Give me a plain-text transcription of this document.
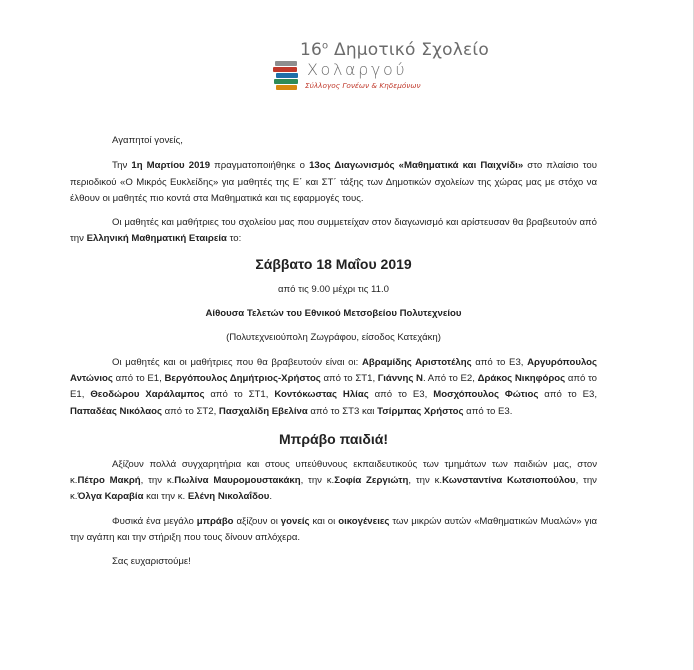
$16^o$ Δημοτικό Σχολείο
Χολαργού
Σύλλογος Γονέων & Κηδεμόνων

Αγαπητοί γονείς,

Την 1η Μαρτίου 2019 πραγματοποιήθηκε ο 13ος Διαγωνισμός «Μαθηματικά και Παιχνίδι» στο πλαίσιο του περιοδικού «Ο Μικρός Ευκλείδης» για μαθητές της Ε΄ και ΣΤ΄ τάξης των Δημοτικών σχολείων της χώρας μας με στόχο να έλθουν οι μαθητές πιο κοντά στα Μαθηματικά και τις εφαρμογές τους.

Οι μαθητές και μαθήτριες του σχολείου μας που συμμετείχαν στον διαγωνισμό και αρίστευσαν θα βραβευτούν από την Ελληνική Μαθηματική Εταιρεία το:

Σάββατο 18 Μαΐου 2019

από τις 9.00 μέχρι τις 11.0

Αίθουσα Τελετών του Εθνικού Μετσοβείου Πολυτεχνείου

(Πολυτεχνειούπολη Ζωγράφου, είσοδος Κατεχάκη)

Οι μαθητές και οι μαθήτριες που θα βραβευτούν είναι οι: Αβραμίδης Αριστοτέλης από το Ε3, Αργυρόπουλος Αντώνιος από το Ε1, Βεργόπουλος Δημήτριος-Χρήστος από το ΣΤ1, Γιάννης Ν. Από το Ε2, Δράκος Νικηφόρος από το Ε1, Θεοδώρου Χαράλαμπος από το ΣΤ1, Κοντόκωστας Ηλίας από το Ε3, Μοσχόπουλος Φώτιος από το Ε3, Παπαδέας Νικόλαος από το ΣΤ2, Πασχαλίδη Εβελίνα από το ΣΤ3 και Τσίρμπας Χρήστος από το Ε3.

Μπράβο παιδιά!

Αξίζουν πολλά συγχαρητήρια και στους υπεύθυνους εκπαιδευτικούς των τμημάτων των παιδιών μας, στον κ.Πέτρο Μακρή, την κ.Πωλίνα Μαυρομουστακάκη, την κ.Σοφία Ζεργιώτη, την κ.Κωνσταντίνα Κωτσιοπούλου, την κ.Όλγα Καραβία και την κ. Ελένη Νικολαΐδου.

Φυσικά ένα μεγάλο μπράβο αξίζουν οι γονείς και οι οικογένειες των μικρών αυτών «Μαθηματικών Μυαλών» για την αγάπη και την στήριξη που τους δίνουν απλόχερα.

Σας ευχαριστούμε!
